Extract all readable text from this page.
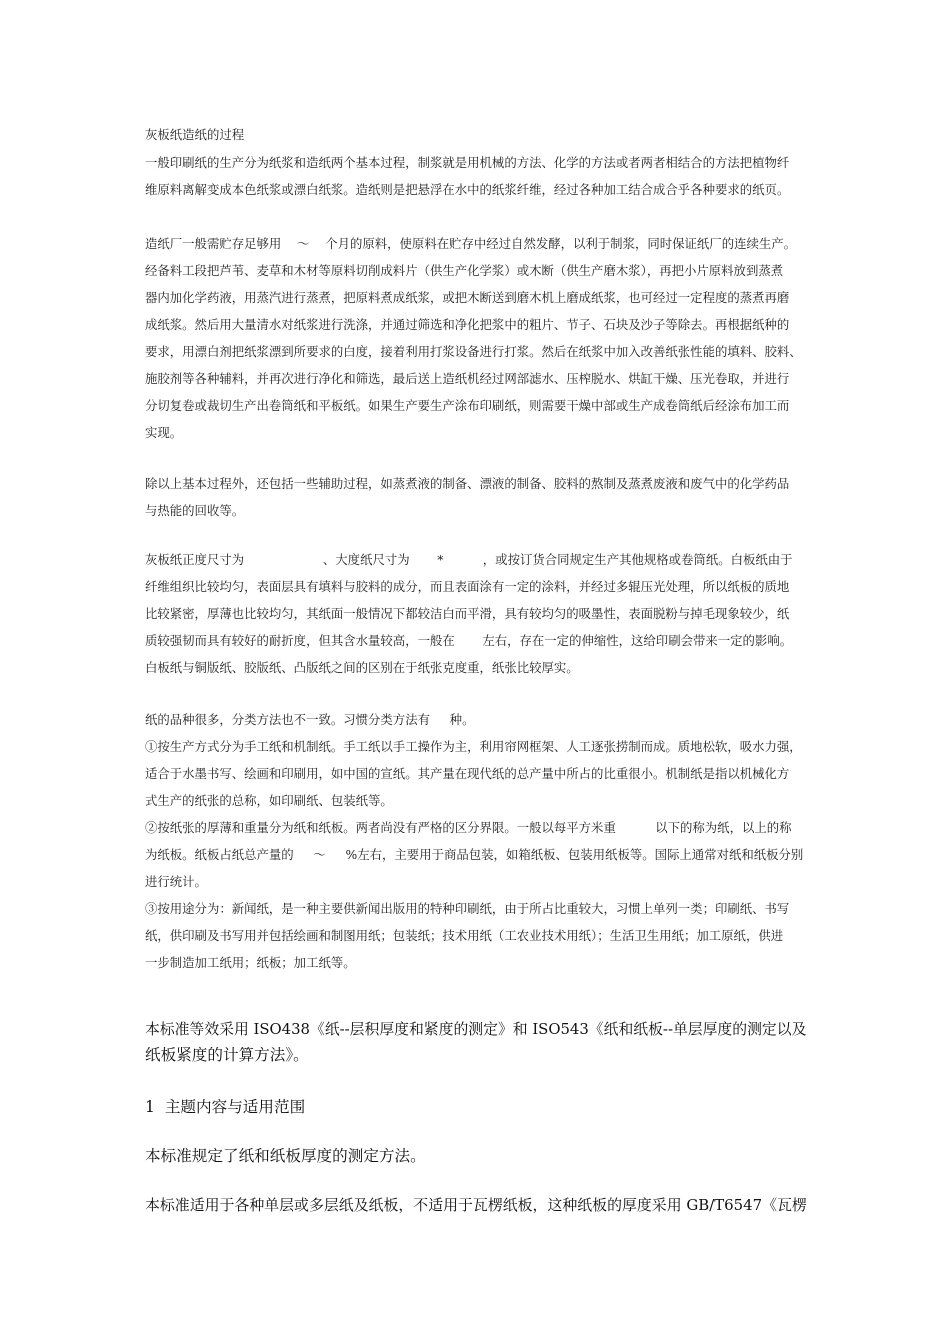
灰板纸造纸的过程

一般印刷纸的生产分为纸浆和造纸两个基本过程，制浆就是用机械的方法、化学的方法或者两者相结合的方法把植物纤

维原料离解变成本色纸浆或漂白纸浆。造纸则是把悬浮在水中的纸浆纤维，经过各种加工结合成合乎各种要求的纸页。

造纸厂一般需贮存足够用    ～    个月的原料，使原料在贮存中经过自然发酵，以利于制浆，同时保证纸厂的连续生产。

经备料工段把芦苇、麦草和木材等原料切削成料片（供生产化学浆）或木断（供生产磨木浆），再把小片原料放到蒸煮

器内加化学药液，用蒸汽进行蒸煮，把原料煮成纸浆，或把木断送到磨木机上磨成纸浆，也可经过一定程度的蒸煮再磨

成纸浆。然后用大量清水对纸浆进行洗涤，并通过筛选和净化把浆中的粗片、节子、石块及沙子等除去。再根据纸种的

要求，用漂白剂把纸浆漂到所要求的白度，接着利用打浆设备进行打浆。然后在纸浆中加入改善纸张性能的填料、胶料、

施胶剂等各种辅料，并再次进行净化和筛选，最后送上造纸机经过网部滤水、压榨脱水、烘缸干燥、压光卷取，并进行

分切复卷或裁切生产出卷筒纸和平板纸。如果生产要生产涂布印刷纸，则需要干燥中部或生产成卷筒纸后经涂布加工而

实现。

除以上基本过程外，还包括一些辅助过程，如蒸煮液的制备、漂液的制备、胶料的熬制及蒸煮废液和废气中的化学药品

与热能的回收等。

灰板纸正度尺寸为                    、大度纸尺寸为       *          ，或按订货合同规定生产其他规格或卷筒纸。白板纸由于

纤维组织比较均匀，表面层具有填料与胶料的成分，而且表面涂有一定的涂料，并经过多辊压光处理，所以纸板的质地

比较紧密，厚薄也比较均匀，其纸面一般情况下都较洁白而平滑，具有较均匀的吸墨性，表面脱粉与掉毛现象较少，纸

质较强韧而具有较好的耐折度，但其含水量较高，一般在       左右，存在一定的伸缩性，这给印刷会带来一定的影响。

白板纸与铜版纸、胶版纸、凸版纸之间的区别在于纸张克度重，纸张比较厚实。

纸的品种很多，分类方法也不一致。习惯分类方法有     种。

①按生产方式分为手工纸和机制纸。手工纸以手工操作为主，利用帘网框架、人工逐张捞制而成。质地松软，吸水力强，

适合于水墨书写、绘画和印刷用，如中国的宣纸。其产量在现代纸的总产量中所占的比重很小。机制纸是指以机械化方

式生产的纸张的总称，如印刷纸、包装纸等。

②按纸张的厚薄和重量分为纸和纸板。两者尚没有严格的区分界限。一般以每平方米重          以下的称为纸，以上的称

为纸板。纸板占纸总产量的     ～     %左右，主要用于商品包装，如箱纸板、包装用纸板等。国际上通常对纸和纸板分别

进行统计。

③按用途分为：新闻纸，是一种主要供新闻出版用的特种印刷纸，由于所占比重较大，习惯上单列一类；印刷纸、书写

纸，供印刷及书写用并包括绘画和制图用纸；包装纸；技术用纸（工农业技术用纸）；生活卫生用纸；加工原纸，供进

一步制造加工纸用；纸板；加工纸等。

本标准等效采用 ISO438《纸--层积厚度和紧度的测定》和 ISO543《纸和纸板--单层厚度的测定以及

纸板紧度的计算方法》。

1  主题内容与适用范围

本标准规定了纸和纸板厚度的测定方法。

本标准适用于各种单层或多层纸及纸板，不适用于瓦楞纸板，这种纸板的厚度采用 GB/T6547《瓦楞
